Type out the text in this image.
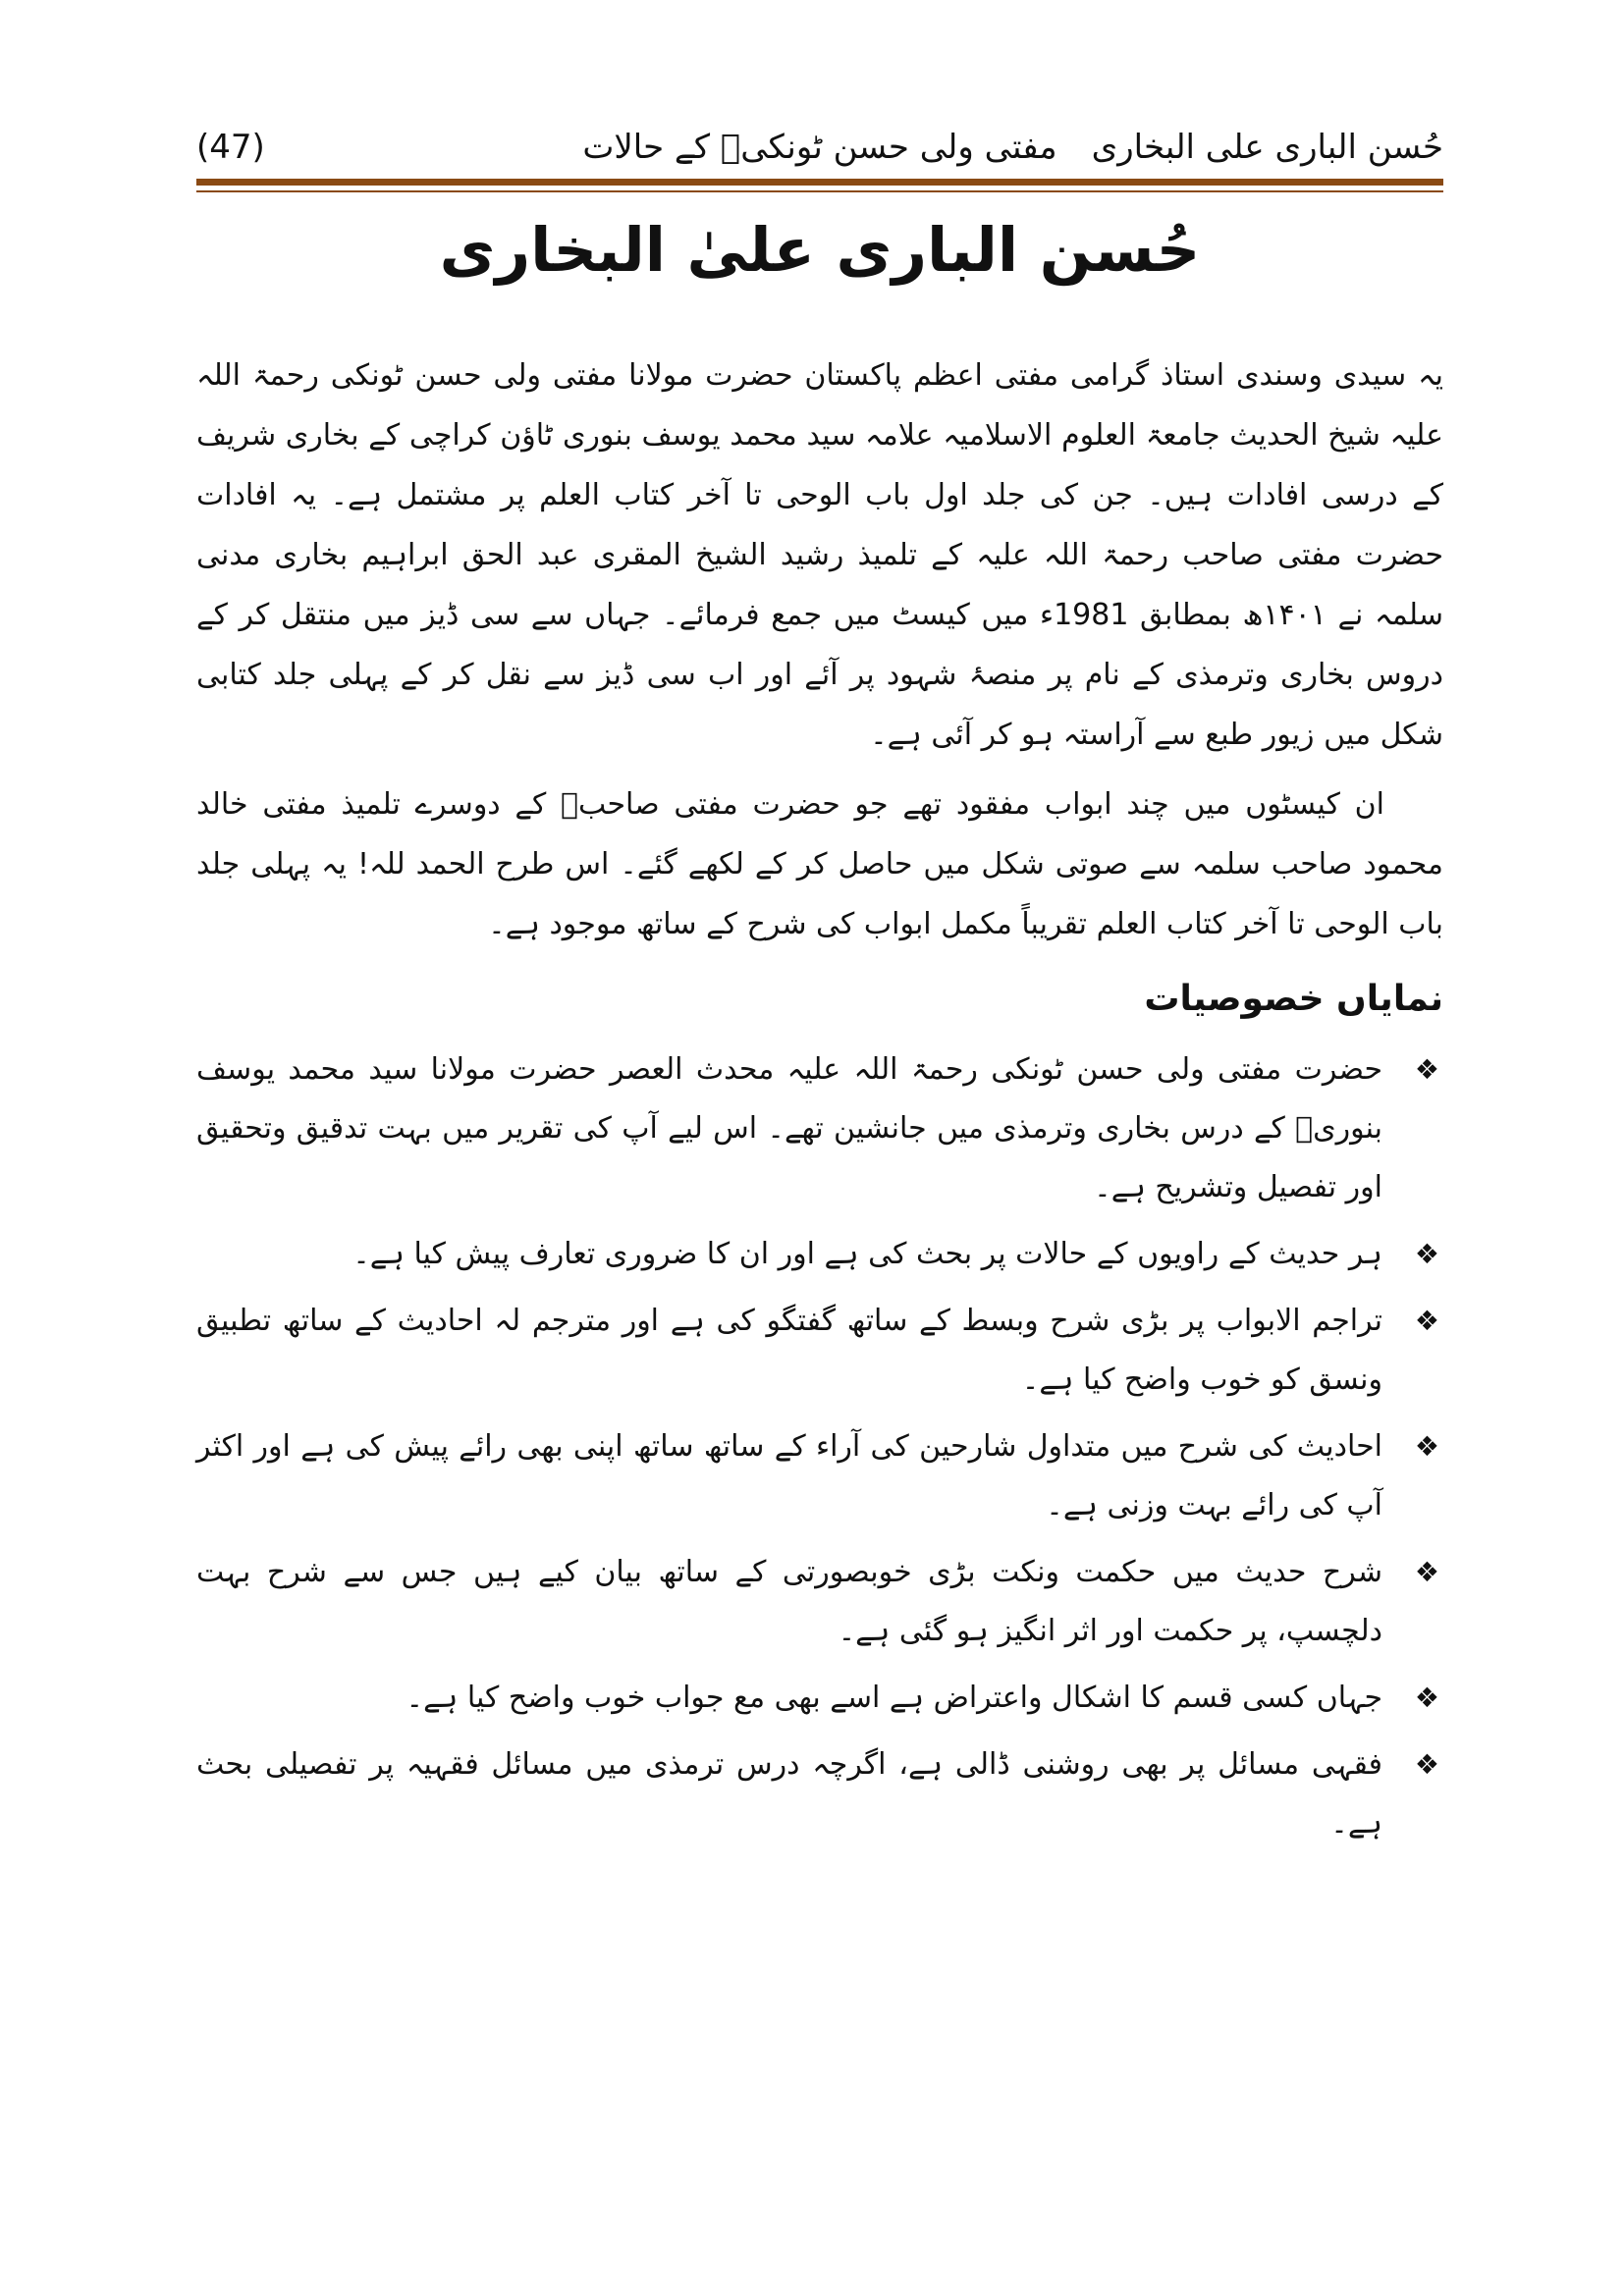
حُسن الباری علی البخاری
مفتی ولی حسن ٹونکیؒ کے حالات
(47)
حُسن الباری علیٰ البخاری

یہ سیدی وسندی استاذ گرامی مفتی اعظم پاکستان حضرت مولانا مفتی ولی حسن ٹونکی رحمۃ اللہ علیہ شیخ الحدیث جامعۃ العلوم الاسلامیہ علامہ سید محمد یوسف بنوری ٹاؤن کراچی کے بخاری شریف کے درسی افادات ہیں۔ جن کی جلد اول باب الوحی تا آخر کتاب العلم پر مشتمل ہے۔ یہ افادات حضرت مفتی صاحب رحمۃ اللہ علیہ کے تلمیذ رشید الشیخ المقری عبد الحق ابراہیم بخاری مدنی سلمہ نے ۱۴۰۱ھ بمطابق 1981ء میں کیسٹ میں جمع فرمائے۔ جہاں سے سی ڈیز میں منتقل کر کے دروس بخاری وترمذی کے نام پر منصۂ شہود پر آئے اور اب سی ڈیز سے نقل کر کے پہلی جلد کتابی شکل میں زیور طبع سے آراستہ ہو کر آئی ہے۔

ان کیسٹوں میں چند ابواب مفقود تھے جو حضرت مفتی صاحبؒ کے دوسرے تلمیذ مفتی خالد محمود صاحب سلمہ سے صوتی شکل میں حاصل کر کے لکھے گئے۔ اس طرح الحمد للہ! یہ پہلی جلد باب الوحی تا آخر کتاب العلم تقریباً مکمل ابواب کی شرح کے ساتھ موجود ہے۔

نمایاں خصوصیات
❖
حضرت مفتی ولی حسن ٹونکی رحمۃ اللہ علیہ محدث العصر حضرت مولانا سید محمد یوسف بنوریؒ کے درس بخاری وترمذی میں جانشین تھے۔ اس لیے آپ کی تقریر میں بہت تدقیق وتحقیق اور تفصیل وتشریح ہے۔
❖
ہر حدیث کے راویوں کے حالات پر بحث کی ہے اور ان کا ضروری تعارف پیش کیا ہے۔
❖
تراجم الابواب پر بڑی شرح وبسط کے ساتھ گفتگو کی ہے اور مترجم لہ احادیث کے ساتھ تطبیق ونسق کو خوب واضح کیا ہے۔
❖
احادیث کی شرح میں متداول شارحین کی آراء کے ساتھ ساتھ اپنی بھی رائے پیش کی ہے اور اکثر آپ کی رائے بہت وزنی ہے۔
❖
شرح حدیث میں حکمت ونکت بڑی خوبصورتی کے ساتھ بیان کیے ہیں جس سے شرح بہت دلچسپ، پر حکمت اور اثر انگیز ہو گئی ہے۔
❖
جہاں کسی قسم کا اشکال واعتراض ہے اسے بھی مع جواب خوب واضح کیا ہے۔
❖
فقہی مسائل پر بھی روشنی ڈالی ہے، اگرچہ درس ترمذی میں مسائل فقہیہ پر تفصیلی بحث ہے۔
